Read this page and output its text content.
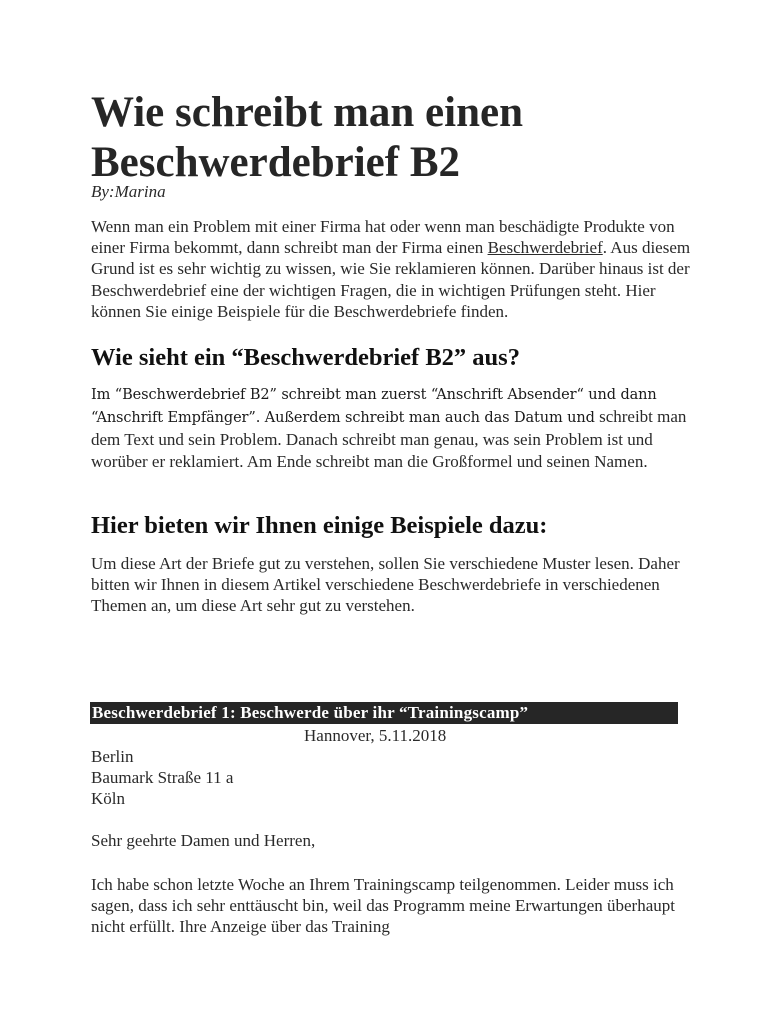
Wie schreibt man einen Beschwerdebrief B2
By:Marina

Wenn man ein Problem mit einer Firma hat oder wenn man beschädigte Produkte von einer Firma bekommt, dann schreibt man der Firma einen Beschwerdebrief. Aus diesem Grund ist es sehr wichtig zu wissen, wie Sie reklamieren können. Darüber hinaus ist der Beschwerdebrief eine der wichtigen Fragen, die in wichtigen Prüfungen steht. Hier können Sie einige Beispiele für die Beschwerdebriefe finden.

Wie sieht ein “Beschwerdebrief B2” aus?

Im “Beschwerdebrief B2” schreibt man zuerst “Anschrift Absender“ und dann “Anschrift Empfänger”. Außerdem schreibt man auch das Datum und schreibt man dem Text und sein Problem. Danach schreibt man genau, was sein Problem ist und worüber er reklamiert. Am Ende schreibt man die Großformel und seinen Namen.

Hier bieten wir Ihnen einige Beispiele dazu:

Um diese Art der Briefe gut zu verstehen, sollen Sie verschiedene Muster lesen. Daher bitten wir Ihnen in diesem Artikel verschiedene Beschwerdebriefe in verschiedenen Themen an, um diese Art sehr gut zu verstehen.

Beschwerdebrief 1: Beschwerde über ihr “Trainingscamp”
Hannover, 5.11.2018
Berlin
Baumark Straße 11 a
Köln
Sehr geehrte Damen und Herren,

Ich habe schon letzte Woche an Ihrem Trainingscamp teilgenommen. Leider muss ich sagen, dass ich sehr enttäuscht bin, weil das Programm meine Erwartungen überhaupt nicht erfüllt. Ihre Anzeige über das Training
